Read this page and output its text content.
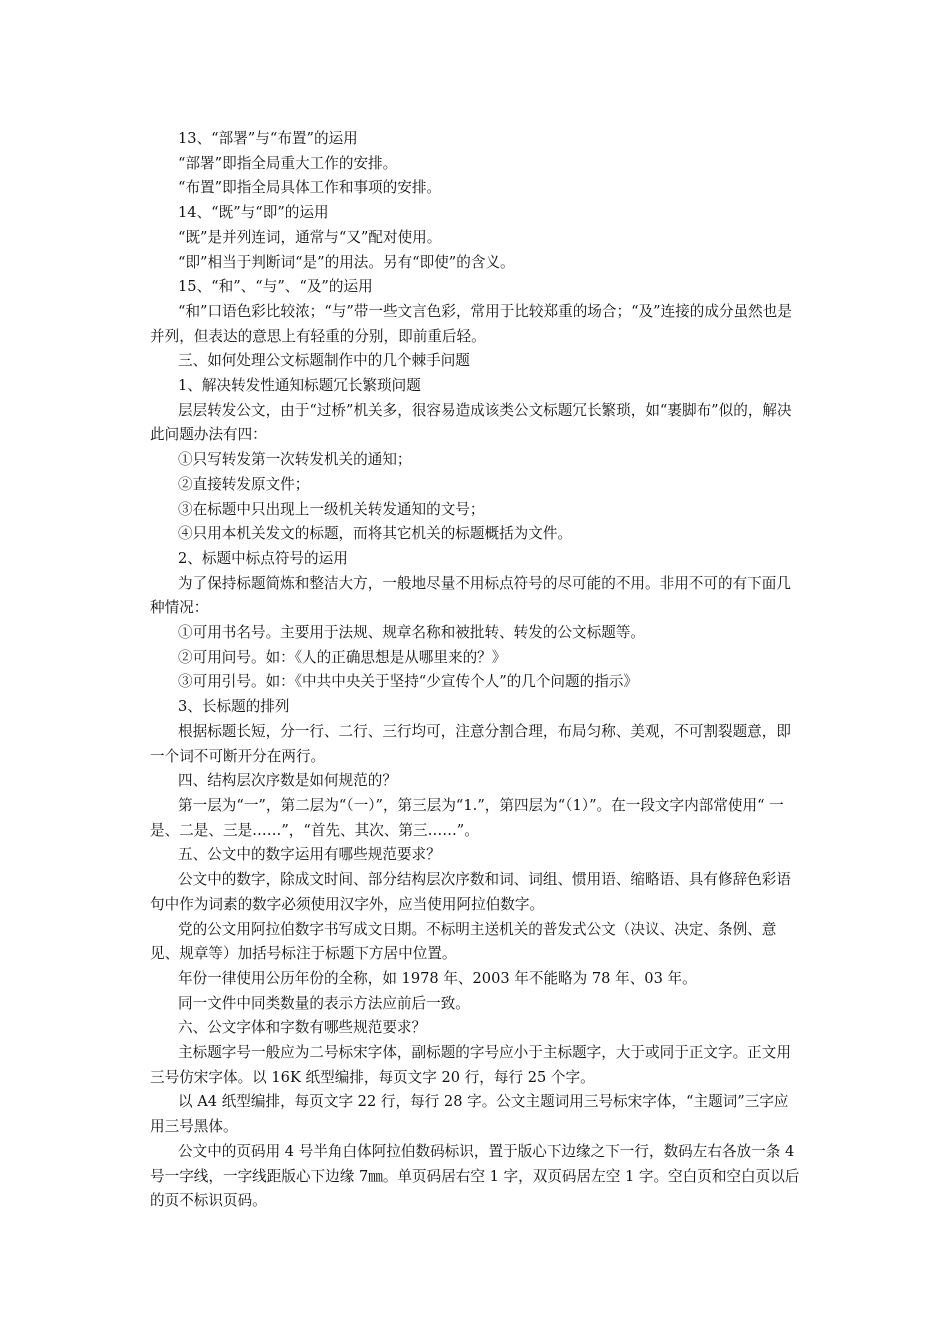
13、“部署”与“布置”的运用

“部署”即指全局重大工作的安排。

“布置”即指全局具体工作和事项的安排。

14、“既”与“即”的运用

“既”是并列连词，通常与“又”配对使用。

“即”相当于判断词“是”的用法。另有“即使”的含义。

15、“和”、“与”、“及”的运用

“和”口语色彩比较浓；“与”带一些文言色彩，常用于比较郑重的场合；“及”连接的成分虽然也是并列，但表达的意思上有轻重的分别，即前重后轻。

三、如何处理公文标题制作中的几个棘手问题

1、解决转发性通知标题冗长繁琐问题

层层转发公文，由于“过桥”机关多，很容易造成该类公文标题冗长繁琐，如“裹脚布”似的，解决此问题办法有四：

①只写转发第一次转发机关的通知；

②直接转发原文件；

③在标题中只出现上一级机关转发通知的文号；

④只用本机关发文的标题，而将其它机关的标题概括为文件。

2、标题中标点符号的运用

为了保持标题简炼和整洁大方，一般地尽量不用标点符号的尽可能的不用。非用不可的有下面几种情况：

①可用书名号。主要用于法规、规章名称和被批转、转发的公文标题等。

②可用问号。如：《人的正确思想是从哪里来的？》

③可用引号。如：《中共中央关于坚持“少宣传个人”的几个问题的指示》

3、长标题的排列

根据标题长短，分一行、二行、三行均可，注意分割合理，布局匀称、美观，不可割裂题意，即一个词不可断开分在两行。

四、结构层次序数是如何规范的？

第一层为“一”，第二层为“（一）”，第三层为“1.”，第四层为“（1）”。在一段文字内部常使用“ 一是、二是、三是……”，“首先、其次、第三……”。

五、公文中的数字运用有哪些规范要求？

公文中的数字，除成文时间、部分结构层次序数和词、词组、惯用语、缩略语、具有修辞色彩语句中作为词素的数字必须使用汉字外，应当使用阿拉伯数字。

党的公文用阿拉伯数字书写成文日期。不标明主送机关的普发式公文（决议、决定、条例、意见、规章等）加括号标注于标题下方居中位置。

年份一律使用公历年份的全称，如 1978 年、2003 年不能略为 78 年、03 年。

同一文件中同类数量的表示方法应前后一致。

六、公文字体和字数有哪些规范要求？

主标题字号一般应为二号标宋字体，副标题的字号应小于主标题字，大于或同于正文字。正文用三号仿宋字体。以 16K 纸型编排，每页文字 20 行，每行 25 个字。

以 A4 纸型编排，每页文字 22 行，每行 28 字。公文主题词用三号标宋字体，“主题词”三字应用三号黑体。

公文中的页码用 4 号半角白体阿拉伯数码标识，置于版心下边缘之下一行，数码左右各放一条 4 号一字线，一字线距版心下边缘 7㎜。单页码居右空 1 字，双页码居左空 1 字。空白页和空白页以后的页不标识页码。
